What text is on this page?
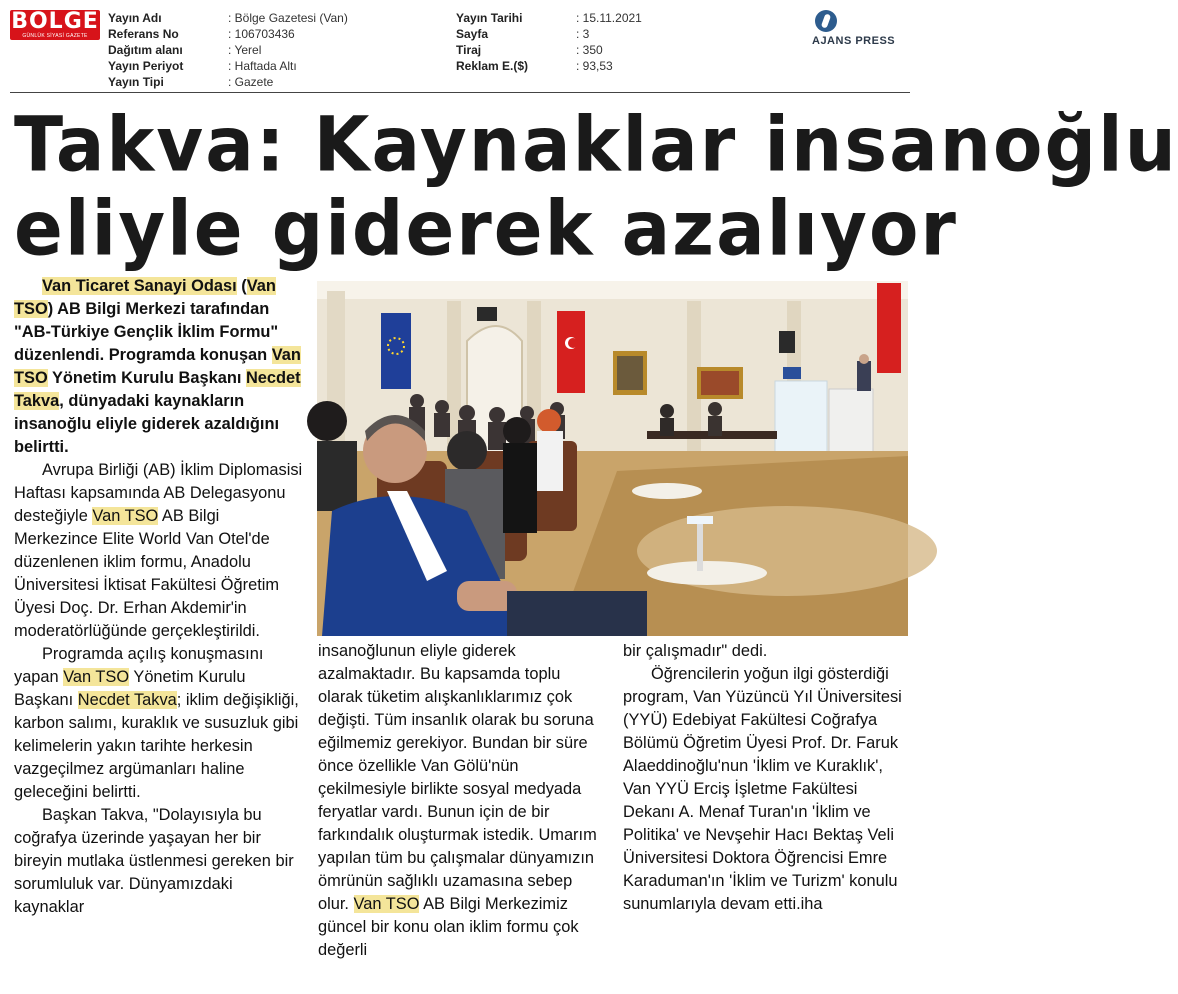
BÖLGE
GÜNLÜK SİYASİ GAZETE
Yayın Adı	: Bölge Gazetesi (Van)
Referans No	: 106703436
Dağıtım alanı	: Yerel
Yayın Periyot	: Haftada Altı
Yayın Tipi	: Gazete
Yayın Tarihi	: 15.11.2021
Sayfa	: 3
Tiraj	: 350
Reklam E.($)	: 93,53
AJANS PRESS
Takva: Kaynaklar insanoğlu
eliyle giderek azalıyor

Van Ticaret Sanayi Odası (Van TSO) AB Bilgi Merkezi tarafından "AB-Türkiye Gençlik İklim Formu" düzenlendi. Programda konuşan Van TSO Yönetim Kurulu Başkanı Necdet Takva, dünyadaki kaynakların insanoğlu eliyle giderek azaldığını belirtti.

Avrupa Birliği (AB) İklim Diplomasisi Haftası kapsamında AB Delegasyonu desteğiyle Van TSO AB Bilgi Merkezince Elite World Van Otel'de düzenlenen iklim formu, Anadolu Üniversitesi İktisat Fakültesi Öğretim Üyesi Doç. Dr. Erhan Akdemir'in moderatörlüğünde gerçekleştirildi.

Programda açılış konuşmasını yapan Van TSO Yönetim Kurulu Başkanı Necdet Takva; iklim değişikliği, karbon salımı, kuraklık ve susuzluk gibi kelimelerin yakın tarihte herkesin vazgeçilmez argümanları haline geleceğini belirtti.

Başkan Takva, "Dolayısıyla bu coğrafya üzerinde yaşayan her bir bireyin mutlaka üstlenmesi gereken bir sorumluluk var. Dünyamızdaki kaynaklar

insanoğlunun eliyle giderek azalmaktadır. Bu kapsamda toplu olarak tüketim alışkanlıklarımız çok değişti. Tüm insanlık olarak bu soruna eğilmemiz gerekiyor. Bundan bir süre önce özellikle Van Gölü'nün çekilmesiyle birlikte sosyal medyada feryatlar vardı. Bunun için de bir farkındalık oluşturmak istedik. Umarım yapılan tüm bu çalışmalar dünyamızın ömrünün sağlıklı uzamasına sebep olur. Van TSO AB Bilgi Merkezimiz güncel bir konu olan iklim formu çok değerli

bir çalışmadır" dedi.

Öğrencilerin yoğun ilgi gösterdiği program, Van Yüzüncü Yıl Üniversitesi (YYÜ) Edebiyat Fakültesi Coğrafya Bölümü Öğretim Üyesi Prof. Dr. Faruk Alaeddinoğlu'nun 'İklim ve Kuraklık', Van YYÜ Erciş İşletme Fakültesi Dekanı A. Menaf Turan'ın 'İklim ve Politika' ve Nevşehir Hacı Bektaş Veli Üniversitesi Doktora Öğrencisi Emre Karaduman'ın 'İklim ve Turizm' konulu sunumlarıyla devam etti.iha
